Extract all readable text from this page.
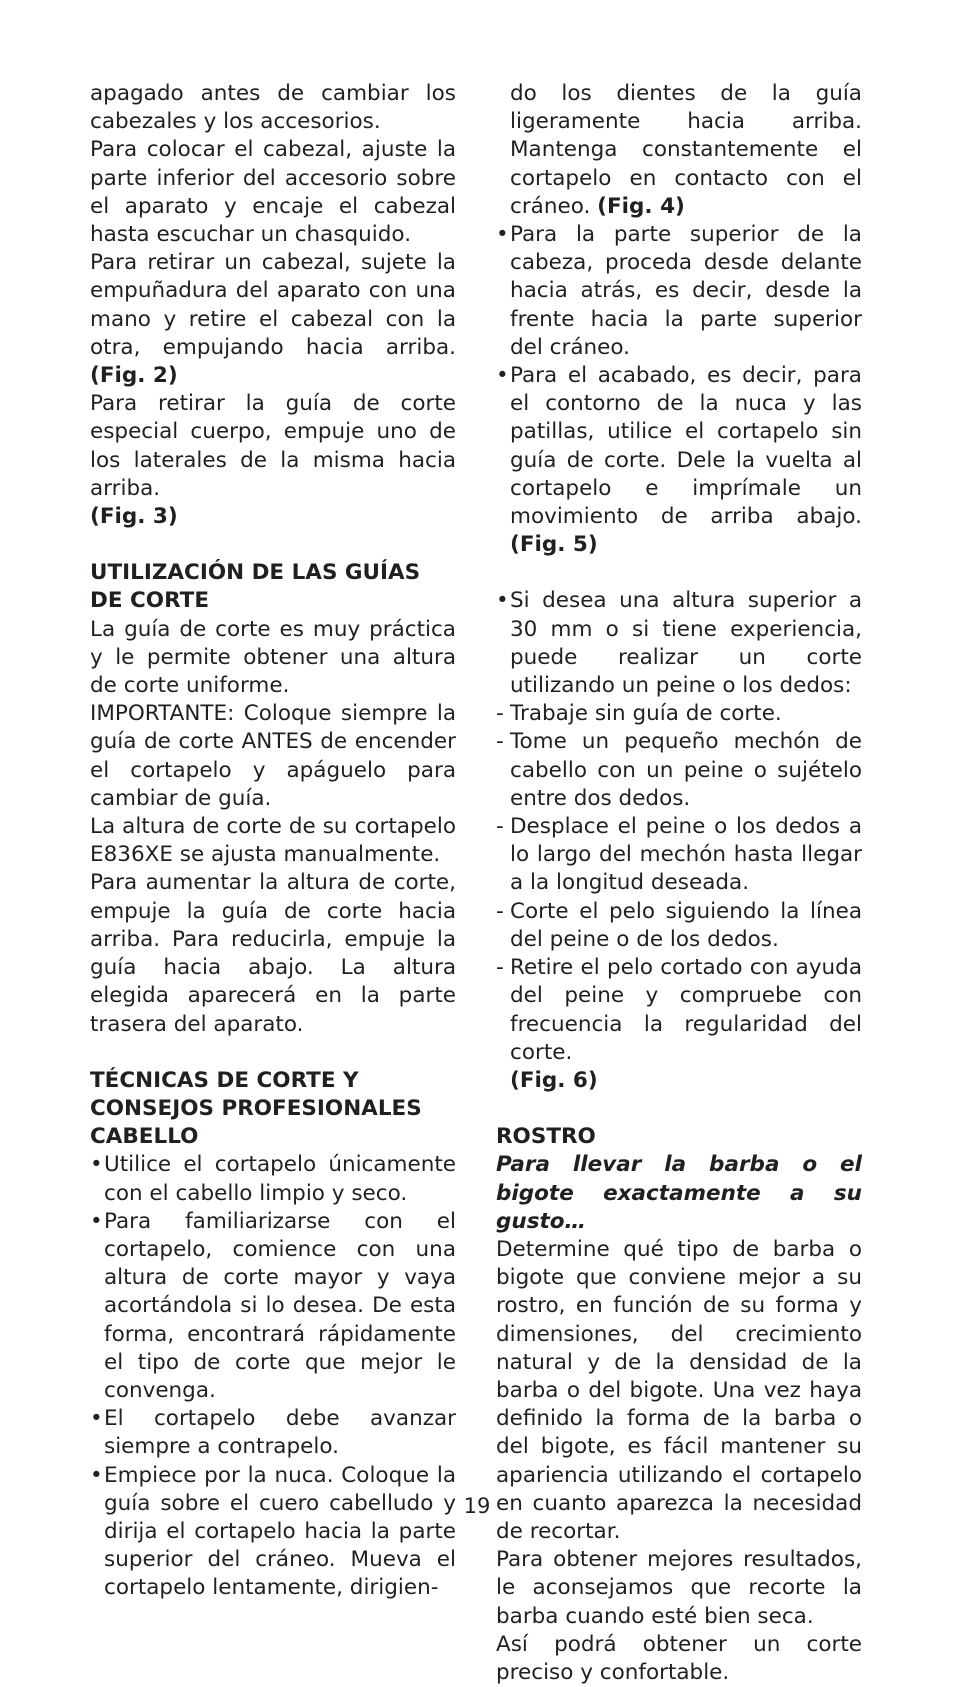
apagado antes de cambiar los cabezales y los accesorios.

Para colocar el cabezal, ajuste la parte inferior del accesorio sobre el aparato y encaje el cabezal hasta escuchar un chasquido.

Para retirar un cabezal, sujete la empuñadura del aparato con una mano y retire el cabezal con la otra, empujando hacia arriba. (Fig. 2)

Para retirar la guía de corte especial cuerpo, empuje uno de los laterales de la misma hacia arriba.
(Fig. 3)

UTILIZACIÓN DE LAS GUÍAS DE CORTE

La guía de corte es muy práctica y le permite obtener una altura de corte uniforme.

IMPORTANTE: Coloque siempre la guía de corte ANTES de encender el cortapelo y apáguelo para cambiar de guía.

La altura de corte de su cortapelo E836XE se ajusta manualmente.

Para aumentar la altura de corte, empuje la guía de corte hacia arriba. Para reducirla, empuje la guía hacia abajo. La altura elegida aparecerá en la parte trasera del aparato.

TÉCNICAS DE CORTE Y CONSEJOS PROFESIONALES CABELLO

• Utilice el cortapelo únicamente con el cabello limpio y seco.
• Para familiarizarse con el cortapelo, comience con una altura de corte mayor y vaya acortándola si lo desea. De esta forma, encontrará rápidamente el tipo de corte que mejor le convenga.
• El cortapelo debe avanzar siempre a contrapelo.
• Empiece por la nuca. Coloque la guía sobre el cuero cabelludo y dirija el cortapelo hacia la parte superior del cráneo. Mueva el cortapelo lentamente, dirigien-

do los dientes de la guía ligeramente hacia arriba. Mantenga constantemente el cortapelo en contacto con el cráneo. (Fig. 4)

• Para la parte superior de la cabeza, proceda desde delante hacia atrás, es decir, desde la frente hacia la parte superior del cráneo.
• Para el acabado, es decir, para el contorno de la nuca y las patillas, utilice el cortapelo sin guía de corte. Dele la vuelta al cortapelo e imprímale un movimiento de arriba abajo. (Fig. 5)
• Si desea una altura superior a 30 mm o si tiene experiencia, puede realizar un corte utilizando un peine o los dedos:
- Trabaje sin guía de corte.
- Tome un pequeño mechón de cabello con un peine o sujételo entre dos dedos.
- Desplace el peine o los dedos a lo largo del mechón hasta llegar a la longitud deseada.
- Corte el pelo siguiendo la línea del peine o de los dedos.
- Retire el pelo cortado con ayuda del peine y compruebe con frecuencia la regularidad del corte.
(Fig. 6)

ROSTRO

Para llevar la barba o el bigote exactamente a su gusto…

Determine qué tipo de barba o bigote que conviene mejor a su rostro, en función de su forma y dimensiones, del crecimiento natural y de la densidad de la barba o del bigote. Una vez haya definido la forma de la barba o del bigote, es fácil mantener su apariencia utilizando el cortapelo en cuanto aparezca la necesidad de recortar.

Para obtener mejores resultados, le aconsejamos que recorte la barba cuando esté bien seca.

Así podrá obtener un corte preciso y confortable.

19
